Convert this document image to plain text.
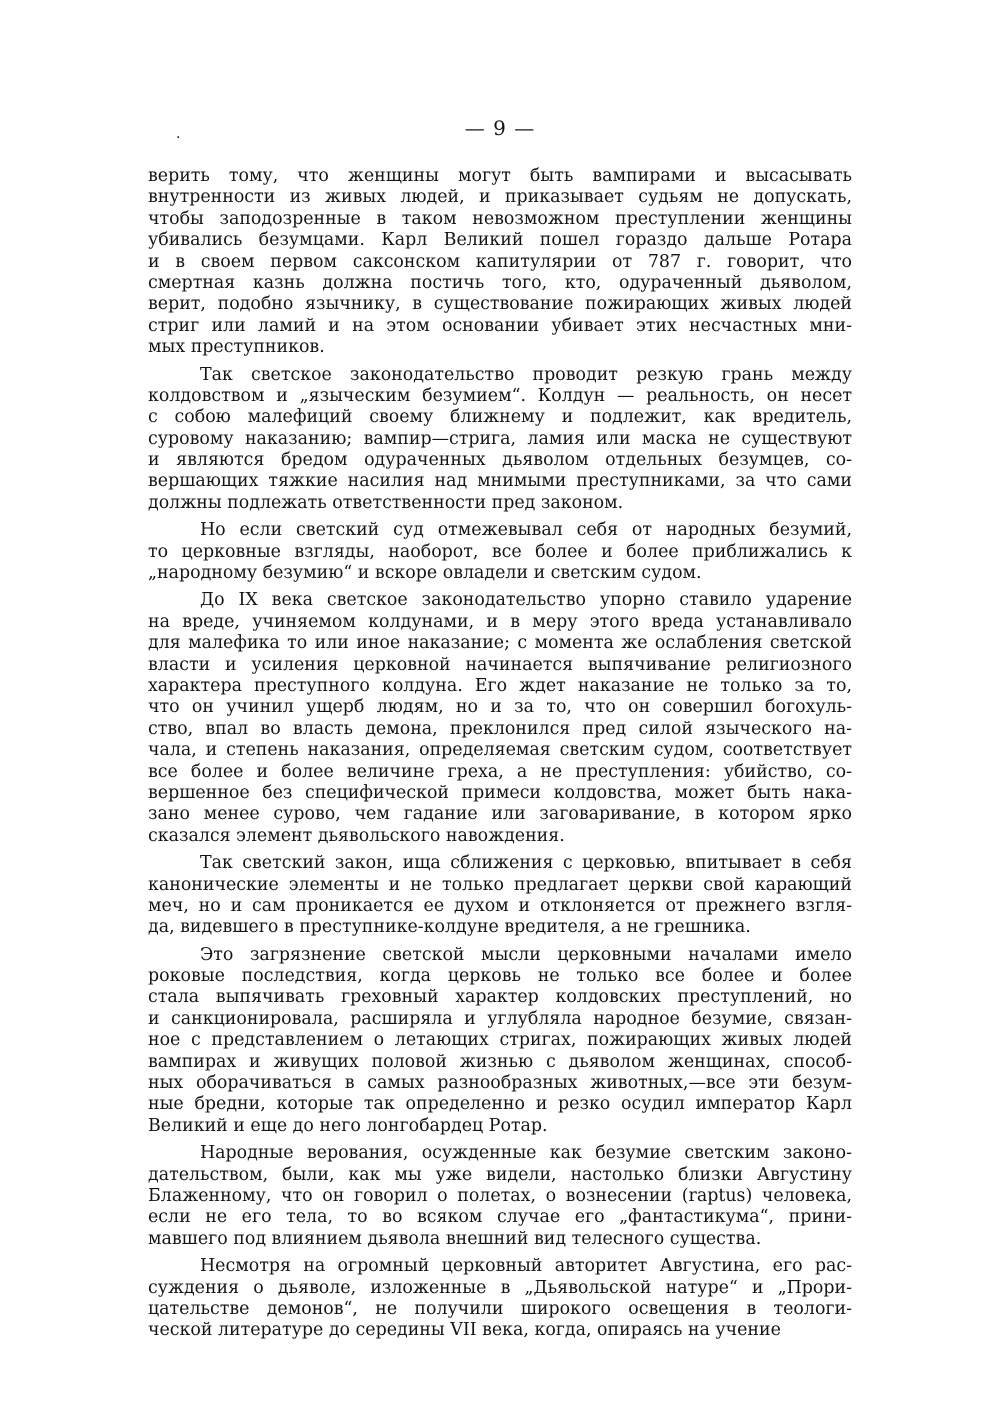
— 9 —
·
верить тому, что женщины могут быть вампирами и высасывать
внутренности из живых людей, и приказывает судьям не допускать,
чтобы заподозренные в таком невозможном преступлении женщины
убивались безумцами. Карл Великий пошел гораздо дальше Ротара
и в своем первом саксонском капитулярии от 787 г. говорит, что
смертная казнь должна постичь того, кто, одураченный дьяволом,
верит, подобно язычнику, в существование пожирающих живых людей
стриг или ламий и на этом основании убивает этих несчастных мни-
мых преступников.
Так светское законодательство проводит резкую грань между
колдовством и „языческим безумием“. Колдун — реальность, он несет
с собою малефиций своему ближнему и подлежит, как вредитель,
суровому наказанию; вампир—стрига, ламия или маска не существуют
и являются бредом одураченных дьяволом отдельных безумцев, со-
вершающих тяжкие насилия над мнимыми преступниками, за что сами
должны подлежать ответственности пред законом.
Но если светский суд отмежевывал себя от народных безумий,
то церковные взгляды, наоборот, все более и более приближались к
„народному безумию“ и вскоре овладели и светским судом.
До IX века светское законодательство упорно ставило ударение
на вреде, учиняемом колдунами, и в меру этого вреда устанавливало
для малефика то или иное наказание; с момента же ослабления светской
власти и усиления церковной начинается выпячивание религиозного
характера преступного колдуна. Его ждет наказание не только за то,
что он учинил ущерб людям, но и за то, что он совершил богохуль-
ство, впал во власть демона, преклонился пред силой языческого на-
чала, и степень наказания, определяемая светским судом, соответствует
все более и более величине греха, а не преступления: убийство, со-
вершенное без специфической примеси колдовства, может быть нака-
зано менее сурово, чем гадание или заговаривание, в котором ярко
сказался элемент дьявольского навождения.
Так светский закон, ища сближения с церковью, впитывает в себя
канонические элементы и не только предлагает церкви свой карающий
меч, но и сам проникается ее духом и отклоняется от прежнего взгля-
да, видевшего в преступнике-колдуне вредителя, а не грешника.
Это загрязнение светской мысли церковными началами имело
роковые последствия, когда церковь не только все более и более
стала выпячивать греховный характер колдовских преступлений, но
и санкционировала, расширяла и углубляла народное безумие, связан-
ное с представлением о летающих стригах, пожирающих живых людей
вампирах и живущих половой жизнью с дьяволом женщинах, способ-
ных оборачиваться в самых разнообразных животных,—все эти безум-
ные бредни, которые так определенно и резко осудил император Карл
Великий и еще до него лонгобардец Ротар.
Народные верования, осужденные как безумие светским законо-
дательством, были, как мы уже видели, настолько близки Августину
Блаженному, что он говорил о полетах, о вознесении (raptus) человека,
если не его тела, то во всяком случае его „фантастикума“, прини-
мавшего под влиянием дьявола внешний вид телесного существа.
Несмотря на огромный церковный авторитет Августина, его рас-
суждения о дьяволе, изложенные в „Дьявольской натуре“ и „Прори-
цательстве демонов“, не получили широкого освещения в теологи-
ческой литературе до середины VII века, когда, опираясь на учение
